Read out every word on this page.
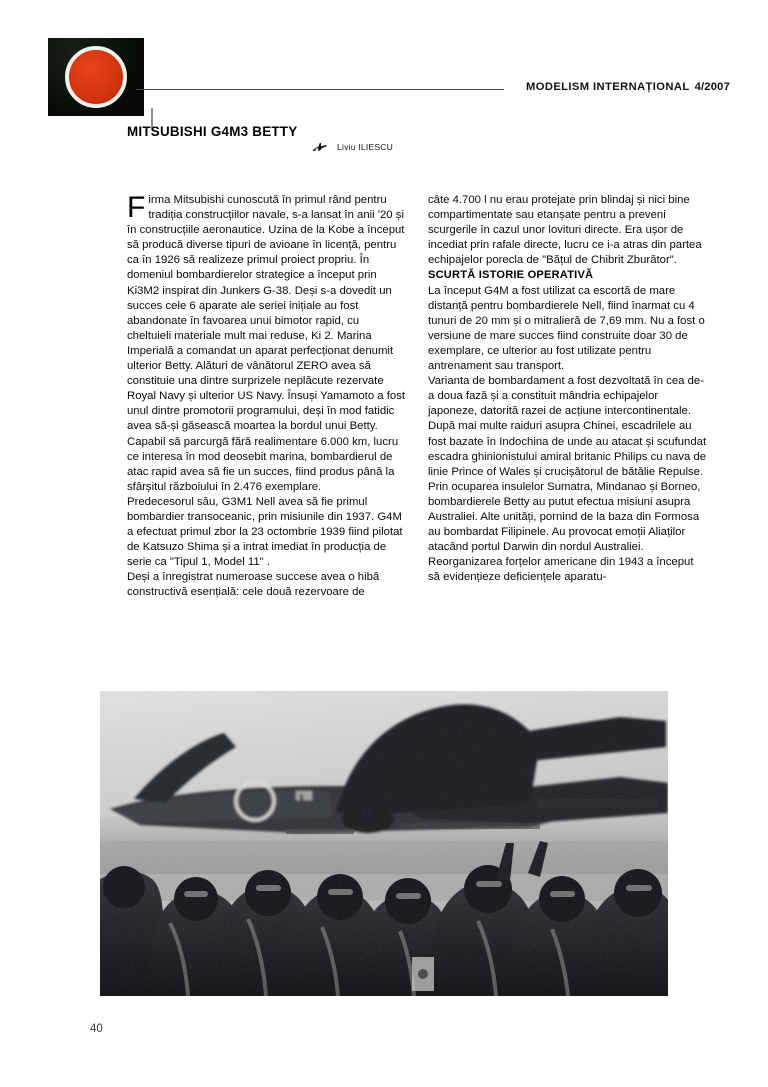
MODELISM INTERNAȚIONAL 4/2007
MITSUBISHI G4M3 BETTY
Liviu ILIESCU

Firma Mitsubishi cunoscută în primul rând pentru tradiția construcțiilor navale, s-a lansat în anii '20 și în construcțiile aeronautice. Uzina de la Kobe a început să producă diverse tipuri de avioane în licență, pentru ca în 1926 să realizeze primul proiect propriu. În domeniul bombardierelor strategice a început prin Ki3M2 inspirat din Junkers G-38. Deși s-a dovedit un succes cele 6 aparate ale seriei inițiale au fost abandonate în favoarea unui bimotor rapid, cu cheltuieli materiale mult mai reduse, Ki 2. Marina Imperială a comandat un aparat perfecționat denumit ulterior Betty. Alături de vânătorul ZERO avea să constituie una dintre surprizele neplăcute rezervate Royal Navy și ulterior US Navy. Însuși Yamamoto a fost unul dintre promotorii programului, deși în mod fatidic avea să-și găsească moartea la bordul unui Betty. Capabil să parcurgă fără realimentare 6.000 km, lucru ce interesa în mod deosebit marina, bombardierul de atac rapid avea să fie un succes, fiind produs până la sfârșitul războiului în 2.476 exemplare.

Predecesorul său, G3M1 Nell avea să fie primul bombardier transoceanic, prin misiunile din 1937. G4M a efectuat primul zbor la 23 octombrie 1939 fiind pilotat de Katsuzo Shima și a intrat imediat în producția de serie ca "Tipul 1, Model 11" .

Deși a înregistrat numeroase succese avea o hibă constructivă esențială: cele două rezervoare de

câte 4.700 l nu erau protejate prin blindaj și nici bine compartimentate sau etanșate pentru a preveni scurgerile în cazul unor lovituri directe. Era ușor de incediat prin rafale directe, lucru ce i-a atras din partea echipajelor porecla de "Bățul de Chibrit Zburător".

SCURTĂ ISTORIE OPERATIVĂ

La început G4M a fost utilizat ca escortă de mare distanță pentru bombardierele Nell, fiind înarmat cu 4 tunuri de 20 mm și o mitralieră de 7,69 mm. Nu a fost o versiune de mare succes fiind construite doar 30 de exemplare, ce ulterior au fost utilizate pentru antrenament sau transport.

Varianta de bombardament a fost dezvoltată în cea de-a doua fază și a constituit mândria echipajelor japoneze, datorită razei de acțiune intercontinentale. După mai multe raiduri asupra Chinei, escadrilele au fost bazate în Indochina de unde au atacat și scufundat escadra ghinionistului amiral britanic Philips cu nava de linie Prince of Wales și crucișătorul de bătălie Repulse. Prin ocuparea insulelor Sumatra, Mindanao și Borneo, bombardierele Betty au putut efectua misiuni asupra Australiei. Alte unități, pornind de la baza din Formosa au bombardat Filipinele. Au provocat emoții Aliaților atacând portul Darwin din nordul Australiei. Reorganizarea forțelor americane din 1943 a început să evidențieze deficiențele aparatu-

40
